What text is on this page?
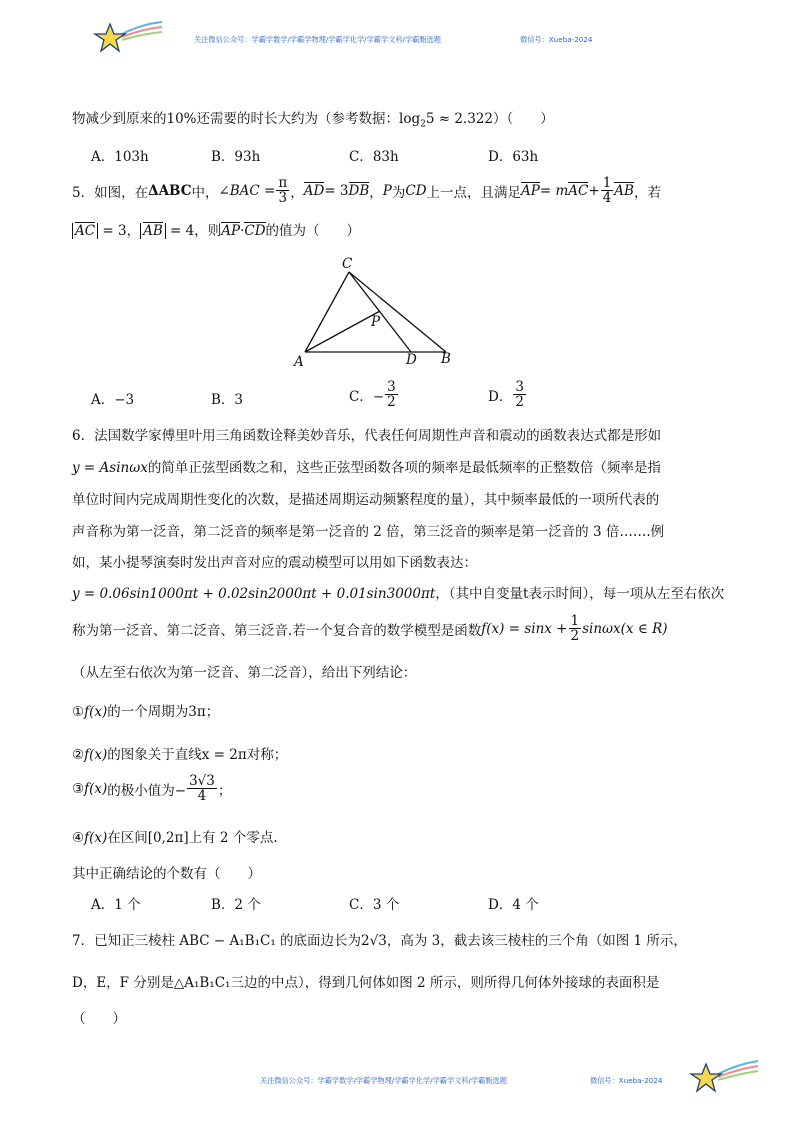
关注微信公众号：学霸学数学/学霸学物理/学霸学化学/学霸学文科/学霸甄选题	微信号：Xueba-2024
物减少到原来的10%还需要的时长大约为（参考数据：$\log_25 \approx 2.322$）（　　）
A．103h	B．93h	C．83h	D．63h
5．如图，在 ΔABC 中， ∠BAC = $\frac{\pi}{3}$ ， AD = 3 DB ， P 为 CD 上一点，且满足 AP = m AC + $\frac{1}{4}$ AB ，若
AC = 3， AB = 4，则AP·CD的值为（　　）
C
P
A	D B
A．−3	B．3	C．− $\frac{3}{2}$	D． $\frac{3}{2}$
6．法国数学家傅里叶用三角函数诠释美妙音乐，代表任何周期性声音和震动的函数表达式都是形如
y = Asinωx的简单正弦型函数之和，这些正弦型函数各项的频率是最低频率的正整数倍（频率是指
单位时间内完成周期性变化的次数，是描述周期运动频繁程度的量），其中频率最低的一项所代表的
声音称为第一泛音，第二泛音的频率是第一泛音的 2 倍，第三泛音的频率是第一泛音的 3 倍…….例
如，某小提琴演奏时发出声音对应的震动模型可以用如下函数表达：
y = 0.06sin1000πt + 0.02sin2000πt + 0.01sin3000πt，（其中自变量t表示时间），每一项从左至右依次
称为第一泛音、第二泛音、第三泛音.若一个复合音的数学模型是函数 $f(x) = \sin x + \frac{1}{2} \sin\omega x(x$ ∈ R)
（从左至右依次为第一泛音、第二泛音），给出下列结论：
①f(x)的一个周期为3π；
②f(x)的图象关于直线x = 2π对称；
③ f(x) 的极小值为− $\frac{3√3}{4}$ ；
④f(x)在区间[0,2π]上有 2 个零点.
其中正确结论的个数有（　　）
A．1 个	B．2 个	C．3 个	D．4 个
7．已知正三棱柱 ABC − A₁B₁C₁ 的底面边长为2√3，高为 3，截去该三棱柱的三个角（如图 1 所示，
D，E，F 分别是△A₁B₁C₁三边的中点），得到几何体如图 2 所示，则所得几何体外接球的表面积是
（　　）
关注微信公众号：学霸学数学/学霸学物理/学霸学化学/学霸学文科/学霸甄选题	微信号：Xueba-2024
